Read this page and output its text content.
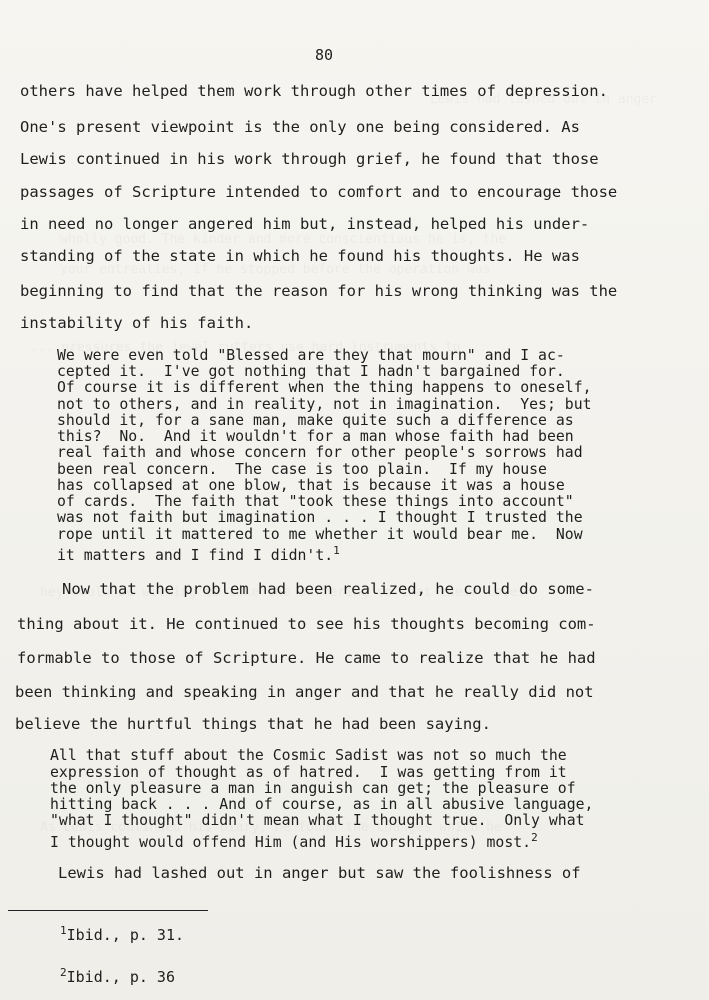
80
others have helped them work through other times of depression.
One's present viewpoint is the only one being considered. As
Lewis continued in his work through grief, he found that those
passages of Scripture intended to comfort and to encourage those
in need no longer angered him but, instead, helped his under-
standing of the state in which he found his thoughts. He was
beginning to find that the reason for his wrong thinking was the
instability of his faith.
We were even told "Blessed are they that mourn" and I ac-
cepted it.  I've got nothing that I hadn't bargained for.
Of course it is different when the thing happens to oneself,
not to others, and in reality, not in imagination.  Yes; but
should it, for a sane man, make quite such a difference as
this?  No.  And it wouldn't for a man whose faith had been
real faith and whose concern for other people's sorrows had
been real concern.  The case is too plain.  If my house
has collapsed at one blow, that is because it was a house
of cards.  The faith that "took these things into account"
was not faith but imagination . . . I thought I trusted the
rope until it mattered to me whether it would bear me.  Now
it matters and I find I didn't.$^1$
Now that the problem had been realized, he could do some-
thing about it. He continued to see his thoughts becoming com-
formable to those of Scripture. He came to realize that he had
been thinking and speaking in anger and that he really did not
believe the hurtful things that he had been saying.
All that stuff about the Cosmic Sadist was not so much the
expression of thought as of hatred.  I was getting from it
the only pleasure a man in anguish can get; the pleasure of
hitting back . . . And of course, as in all abusive language,
"what I thought" didn't mean what I thought true.  Only what
I thought would offend Him (and His worshippers) most.$^2$
Lewis had lashed out in anger but saw the foolishness of
$^1$Ibid., p. 31.
$^2$Ibid., p. 36
